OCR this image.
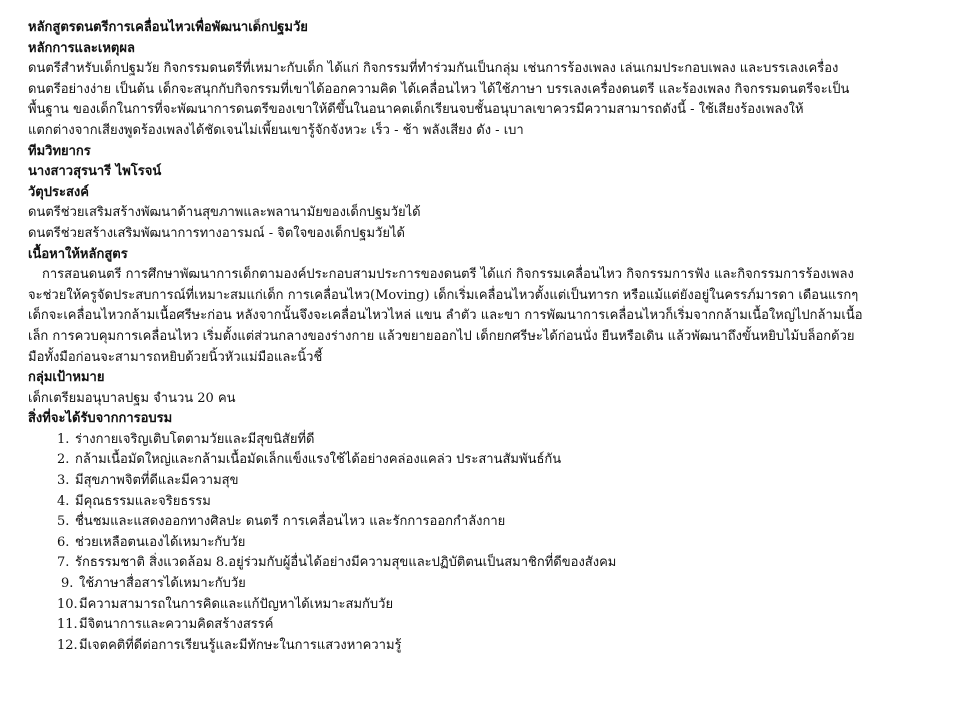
หลักสูตรดนตรีการเคลื่อนไหวเพื่อพัฒนาเด็กปฐมวัย
หลักการและเหตุผล
ดนตรีสำหรับเด็กปฐมวัย กิจกรรมดนตรีที่เหมาะกับเด็ก ได้แก่ กิจกรรมที่ทำร่วมกันเป็นกลุ่ม เช่นการร้องเพลง เล่นเกมประกอบเพลง และบรรเลงเครื่อง
ดนตรีอย่างง่าย เป็นต้น เด็กจะสนุกกับกิจกรรมที่เขาได้ออกความคิด ได้เคลื่อนไหว ได้ใช้ภาษา บรรเลงเครื่องดนตรี และร้องเพลง กิจกรรมดนตรีจะเป็น
พื้นฐาน ของเด็กในการที่จะพัฒนาการดนตรีของเขาให้ดีขึ้นในอนาคตเด็กเรียนจบชั้นอนุบาลเขาควรมีความสามารถดังนี้ - ใช้เสียงร้องเพลงให้
แตกต่างจากเสียงพูดร้องเพลงได้ชัดเจนไม่เพี้ยนเขารู้จักจังหวะ เร็ว - ช้า พลังเสียง ดัง - เบา
ทีมวิทยากร
นางสาวสุรนารี ไพโรจน์
วัตุประสงค์
ดนตรีช่วยเสริมสร้างพัฒนาด้านสุขภาพและพลานามัยของเด็กปฐมวัยได้
ดนตรีช่วยสร้างเสริมพัฒนาการทางอารมณ์ - จิตใจของเด็กปฐมวัยได้
เนื้อหาให้หลักสูตร
การสอนดนตรี การศึกษาพัฒนาการเด็กตามองค์ประกอบสามประการของดนตรี ได้แก่ กิจกรรมเคลื่อนไหว กิจกรรมการฟัง และกิจกรรมการร้องเพลง
จะช่วยให้ครูจัดประสบการณ์ที่เหมาะสมแก่เด็ก การเคลื่อนไหว(Moving) เด็กเริ่มเคลื่อนไหวตั้งแต่เป็นทารก หรือแม้แต่ยังอยู่ในครรภ์มารดา เดือนแรกๆ
เด็กจะเคลื่อนไหวกล้ามเนื้อศรีษะก่อน หลังจากนั้นจึงจะเคลื่อนไหวไหล่ แขน ลำตัว และขา การพัฒนาการเคลื่อนไหวก็เริ่มจากกล้ามเนื้อใหญ่ไปกล้ามเนื้อ
เล็ก การควบคุมการเคลื่อนไหว เริ่มตั้งแต่ส่วนกลางของร่างกาย แล้วขยายออกไป เด็กยกศรีษะได้ก่อนนั่ง ยืนหรือเดิน แล้วพัฒนาถึงขั้นหยิบไม้บล็อกด้วย
มือทั้งมือก่อนจะสามารถหยิบด้วยนิ้วหัวแม่มือและนิ้วชี้
กลุ่มเป้าหมาย
เด็กเตรียมอนุบาลปฐม จำนวน 20 คน
สิ่งที่จะได้รับจากการอบรม
1. ร่างกายเจริญเติบโตตามวัยและมีสุขนิสัยที่ดี
2. กล้ามเนื้อมัดใหญ่และกล้ามเนื้อมัดเล็กแข็งแรงใช้ได้อย่างคล่องแคล่ว ประสานสัมพันธ์กัน
3. มีสุขภาพจิตที่ดีและมีความสุข
4. มีคุณธรรมและจริยธรรม
5. ชื่นชมและแสดงออกทางศิลปะ ดนตรี การเคลื่อนไหว และรักการออกกำลังกาย
6. ช่วยเหลือตนเองได้เหมาะกับวัย
7. รักธรรมชาติ สิ่งแวดล้อม 8.อยู่ร่วมกับผู้อื่นได้อย่างมีความสุขและปฏิบัติตนเป็นสมาชิกที่ดีของสังคม
9. ใช้ภาษาสื่อสารได้เหมาะกับวัย
10.มีความสามารถในการคิดและแก้ปัญหาได้เหมาะสมกับวัย
11.มีจิตนาการและความคิดสร้างสรรค์
12.มีเจตคติที่ดีต่อการเรียนรู้และมีทักษะในการแสวงหาความรู้
